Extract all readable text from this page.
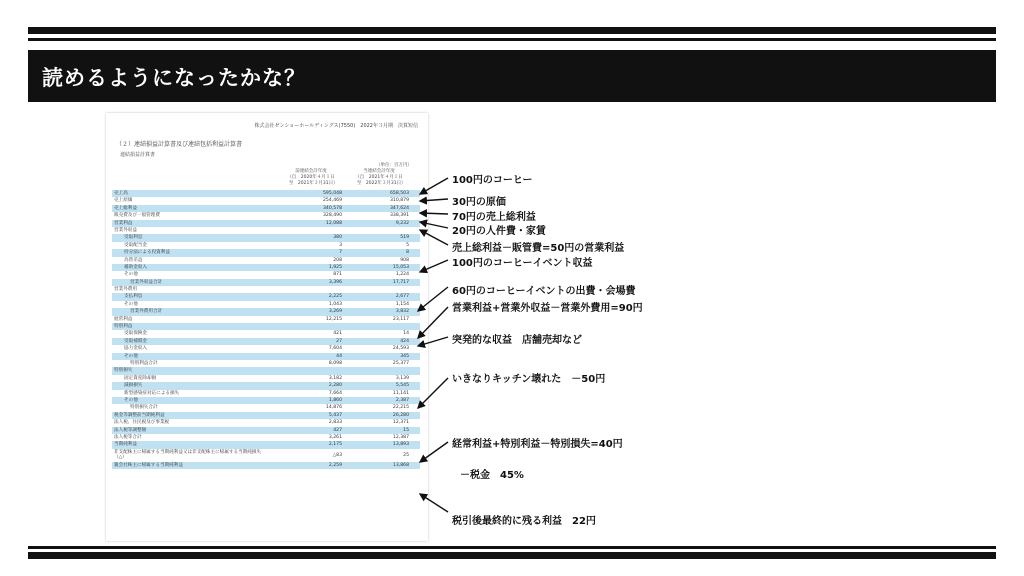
読めるようになったかな？
株式会社ゼンショーホールディングス(7550)　2022年３月期　決算短信
（２）連結損益計算書及び連結包括利益計算書
連結損益計算書
（単位：百万円）
前連結会計年度
（自　2020年４月１日
　至　2021年３月31日）
当連結会計年度
（自　2021年４月１日
　至　2022年３月31日）
売上高	595,048	658,503
売上原価	254,469	310,879
売上総利益	340,578	347,624
販売費及び一般管理費	328,490	338,391
営業利益	12,088	9,232
営業外収益
受取利息	380	519
受取配当金	3	5
持分法による投資利益	7	8
為替差益	208	908
補助金収入	1,925	15,053
その他	871	1,224
営業外収益合計	3,396	17,717
営業外費用
支払利息	2,225	2,677
その他	1,043	1,154
営業外費用合計	3,269	3,832
経常利益	12,215	23,117
特別利益
受取保険金	421	14
受取補償金	27	424
協力金収入	7,604	24,593
その他	44	345
特別利益合計	8,098	25,377
特別損失
固定資産除却損	3,182	3,139
減損損失	2,280	5,545
新型感染症対応による損失	7,664	11,141
その他	1,860	2,387
特別損失合計	14,876	22,215
税金等調整前当期純利益	5,437	26,280
法人税、住民税及び事業税	2,833	12,371
法人税等調整額	427	15
法人税等合計	3,261	12,387
当期純利益	2,175	13,893
非支配株主に帰属する当期純利益又は非支配株主に帰属する当期純損失（△）	△83	25
親会社株主に帰属する当期純利益	2,259	13,868
100円のコーヒー
30円の原価
70円の売上総利益
20円の人件費・家賃
売上総利益－販管費=50円の営業利益
100円のコーヒーイベント収益
60円のコーヒーイベントの出費・会場費
営業利益+営業外収益－営業外費用=90円
突発的な収益　店舗売却など
いきなりキッチン壊れた　－50円
経常利益+特別利益－特別損失=40円
－税金　45%
税引後最終的に残る利益　22円
